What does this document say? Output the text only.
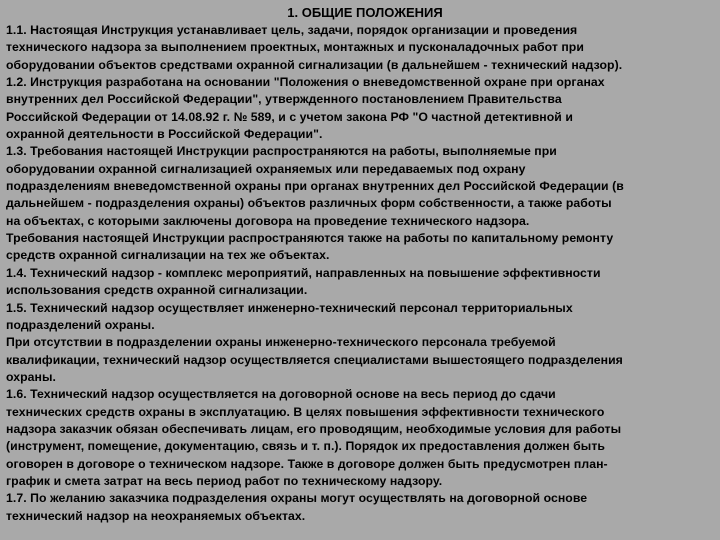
1. ОБЩИЕ ПОЛОЖЕНИЯ
1.1. Настоящая Инструкция устанавливает цель, задачи, порядок организации и проведения
технического надзора за выполнением проектных, монтажных и пусконаладочных работ при
оборудовании объектов средствами охранной сигнализации (в дальнейшем - технический надзор).
1.2. Инструкция разработана на основании "Положения о вневедомственной охране при органах
внутренних дел Российской Федерации", утвержденного постановлением Правительства
Российской Федерации от 14.08.92 г. № 589, и с учетом закона РФ "О частной детективной и
охранной деятельности в Российской Федерации".
1.3. Требования настоящей Инструкции распространяются на работы, выполняемые при
оборудовании охранной сигнализацией охраняемых или передаваемых под охрану
подразделениям вневедомственной охраны при органах внутренних дел Российской Федерации (в
дальнейшем - подразделения охраны) объектов различных форм собственности, а также работы
на объектах, с которыми заключены договора на проведение технического надзора.
Требования настоящей Инструкции распространяются также на работы по капитальному ремонту
средств охранной сигнализации на тех же объектах.
1.4. Технический надзор - комплекс мероприятий, направленных на повышение эффективности
использования средств охранной сигнализации.
1.5. Технический надзор осуществляет инженерно-технический персонал территориальных
подразделений охраны.
При отсутствии в подразделении охраны инженерно-технического персонала требуемой
квалификации, технический надзор осуществляется специалистами вышестоящего подразделения
охраны.
1.6. Технический надзор осуществляется на договорной основе на весь период до сдачи
технических средств охраны в эксплуатацию. В целях повышения эффективности технического
надзора заказчик обязан обеспечивать лицам, его проводящим, необходимые условия для работы
(инструмент, помещение, документацию, связь и т. п.). Порядок их предоставления должен быть
оговорен в договоре о техническом надзоре. Также в договоре должен быть предусмотрен план-
график и смета затрат на весь период работ по техническому надзору.
1.7. По желанию заказчика подразделения охраны могут осуществлять на договорной основе
технический надзор на неохраняемых объектах.
